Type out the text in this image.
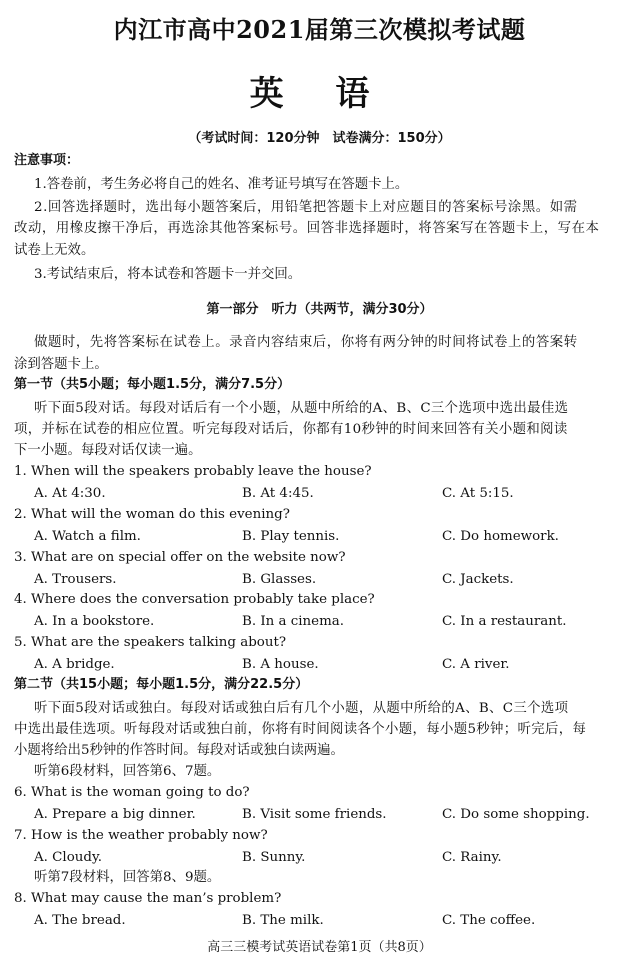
内江市高中2021届第三次模拟考试题
英 语
（考试时间：120分钟　试卷满分：150分）
注意事项：
1.答卷前，考生务必将自己的姓名、准考证号填写在答题卡上。
2.回答选择题时，选出每小题答案后，用铅笔把答题卡上对应题目的答案标号涂黑。如需
改动，用橡皮擦干净后，再选涂其他答案标号。回答非选择题时，将答案写在答题卡上，写在本
试卷上无效。
3.考试结束后，将本试卷和答题卡一并交回。
第一部分　听力（共两节，满分30分）
做题时，先将答案标在试卷上。录音内容结束后，你将有两分钟的时间将试卷上的答案转
涂到答题卡上。
第一节（共5小题；每小题1.5分，满分7.5分）
听下面5段对话。每段对话后有一个小题，从题中所给的A、B、C三个选项中选出最佳选
项，并标在试卷的相应位置。听完每段对话后，你都有10秒钟的时间来回答有关小题和阅读
下一小题。每段对话仅读一遍。
1. When will the speakers probably leave the house?
A. At 4:30.	B. At 4:45.	C. At 5:15.
2. What will the woman do this evening?
A. Watch a film.	B. Play tennis.	C. Do homework.
3. What are on special offer on the website now?
A. Trousers.	B. Glasses.	C. Jackets.
4. Where does the conversation probably take place?
A. In a bookstore.	B. In a cinema.	C. In a restaurant.
5. What are the speakers talking about?
A. A bridge.	B. A house.	C. A river.
第二节（共15小题；每小题1.5分，满分22.5分）
听下面5段对话或独白。每段对话或独白后有几个小题，从题中所给的A、B、C三个选项
中选出最佳选项。听每段对话或独白前，你将有时间阅读各个小题，每小题5秒钟；听完后，每
小题将给出5秒钟的作答时间。每段对话或独白读两遍。
听第6段材料，回答第6、7题。
6. What is the woman going to do?
A. Prepare a big dinner.	B. Visit some friends.	C. Do some shopping.
7. How is the weather probably now?
A. Cloudy.	B. Sunny.	C. Rainy.
听第7段材料，回答第8、9题。
8. What may cause the man’s problem?
A. The bread.	B. The milk.	C. The coffee.
高三三模考试英语试卷第1页（共8页）
